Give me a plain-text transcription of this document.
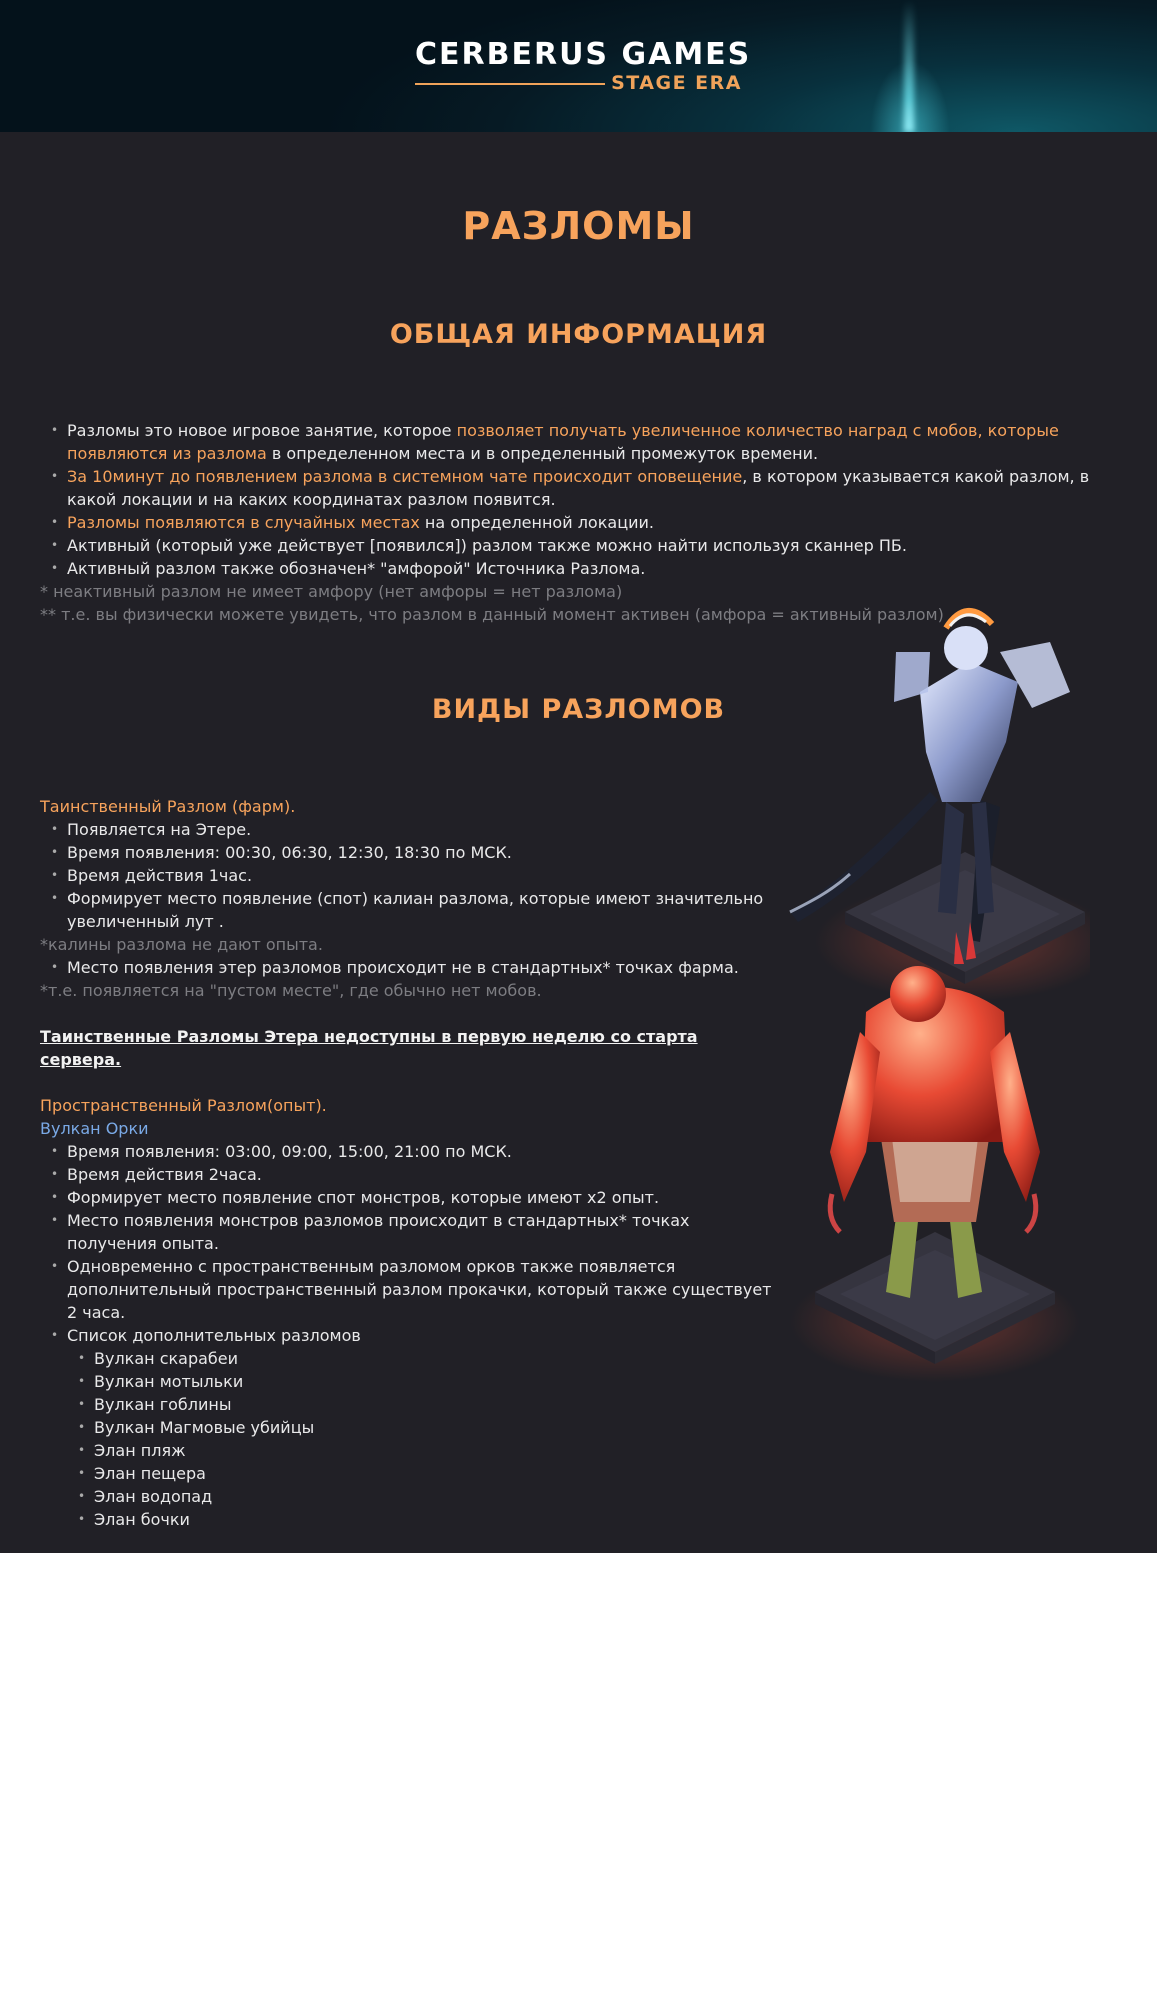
CERBERUS GAMES
STAGE ERA
РАЗЛОМЫ
ОБЩАЯ ИНФОРМАЦИЯ
• Разломы это новое игровое занятие, которое позволяет получать увеличенное количество наград с мобов, которые появляются из разлома в определенном места и в определенный промежуток времени.
• За 10минут до появлением разлома в системном чате происходит оповещение, в котором указывается какой разлом, в какой локации и на каких координатах разлом появится.
• Разломы появляются в случайных местах на определенной локации.
• Активный (который уже действует [появился]) разлом также можно найти используя сканнер ПБ.
• Активный разлом также обозначен* "амфорой" Источника Разлома.
* неактивный разлом не имеет амфору (нет амфоры = нет разлома)
** т.е. вы физически можете увидеть, что разлом в данный момент активен (амфора = активный разлом)
ВИДЫ РАЗЛОМОВ
Таинственный Разлом (фарм).
• Появляется на Этере.
• Время появления: 00:30, 06:30, 12:30, 18:30 по МСК.
• Время действия 1час.
• Формирует место появление (спот) калиан разлома, которые имеют значительно увеличенный лут .
*калины разлома не дают опыта.
• Место появления этер разломов происходит не в стандартных* точках фарма.
*т.е. появляется на "пустом месте", где обычно нет мобов.
Таинственные Разломы Этера недоступны в первую неделю со старта сервера.
Пространственный Разлом(опыт).
Вулкан Орки
• Время появления: 03:00, 09:00, 15:00, 21:00 по МСК.
• Время действия 2часа.
• Формирует место появление спот монстров, которые имеют x2 опыт.
• Место появления монстров разломов происходит в стандартных* точках получения опыта.
• Одновременно с пространственным разломом орков также появляется дополнительный пространственный разлом прокачки, который также существует 2 часа.
• Список дополнительных разломов
• Вулкан скарабеи
• Вулкан мотыльки
• Вулкан гоблины
• Вулкан Магмовые убийцы
• Элан пляж
• Элан пещера
• Элан водопад
• Элан бочки
